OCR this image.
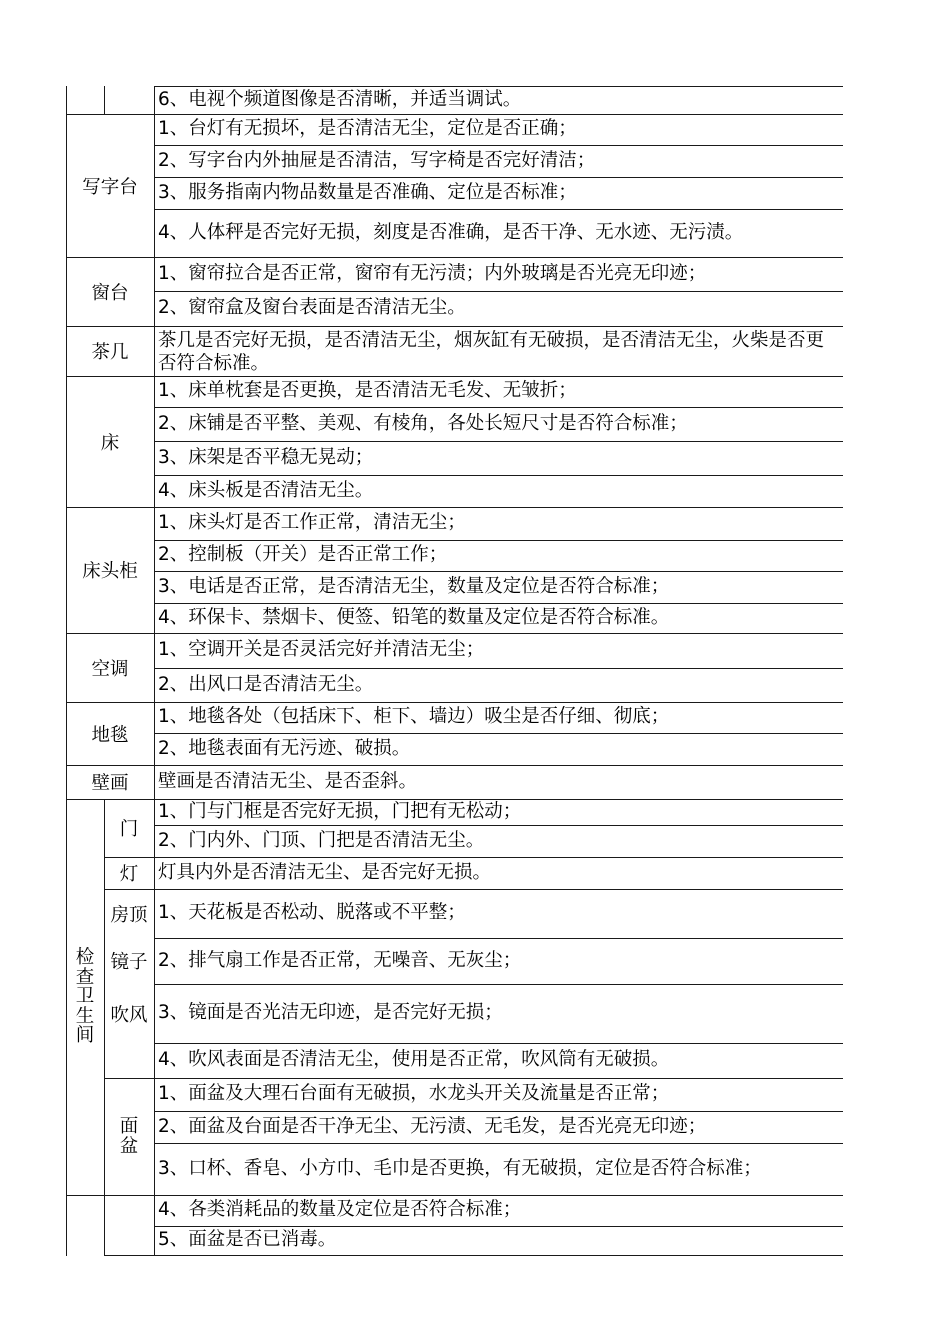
6、电视个频道图像是否清晰，并适当调试。
写字台
1、台灯有无损坏，是否清洁无尘，定位是否正确；
2、写字台内外抽屉是否清洁，写字椅是否完好清洁；
3、服务指南内物品数量是否准确、定位是否标准；
4、人体秤是否完好无损，刻度是否准确，是否干净、无水迹、无污渍。
窗台
1、窗帘拉合是否正常，窗帘有无污渍；内外玻璃是否光亮无印迹；
2、窗帘盒及窗台表面是否清洁无尘。
茶几
茶几是否完好无损，是否清洁无尘，烟灰缸有无破损，是否清洁无尘，火柴是否更
否符合标准。
床
1、床单枕套是否更换，是否清洁无毛发、无皱折；
2、床铺是否平整、美观、有棱角，各处长短尺寸是否符合标准；
3、床架是否平稳无晃动；
4、床头板是否清洁无尘。
床头柜
1、床头灯是否工作正常，清洁无尘；
2、控制板（开关）是否正常工作；
3、电话是否正常，是否清洁无尘，数量及定位是否符合标准；
4、环保卡、禁烟卡、便签、铅笔的数量及定位是否符合标准。
空调
1、空调开关是否灵活完好并清洁无尘；
2、出风口是否清洁无尘。
地毯
1、地毯各处（包括床下、柜下、墙边）吸尘是否仔细、彻底；
2、地毯表面有无污迹、破损。
壁画	壁画是否清洁无尘、是否歪斜。
检查卫生间
门
1、门与门框是否完好无损，门把有无松动；
2、门内外、门顶、门把是否清洁无尘。
灯	灯具内外是否清洁无尘、是否完好无损。
房顶
镜子
吹风
1、天花板是否松动、脱落或不平整；
2、排气扇工作是否正常，无噪音、无灰尘；
3、镜面是否光洁无印迹，是否完好无损；
4、吹风表面是否清洁无尘，使用是否正常，吹风筒有无破损。
面盆
1、面盆及大理石台面有无破损，水龙头开关及流量是否正常；
2、面盆及台面是否干净无尘、无污渍、无毛发，是否光亮无印迹；
3、口杯、香皂、小方巾、毛巾是否更换，有无破损，定位是否符合标准；
4、各类消耗品的数量及定位是否符合标准；
5、面盆是否已消毒。
